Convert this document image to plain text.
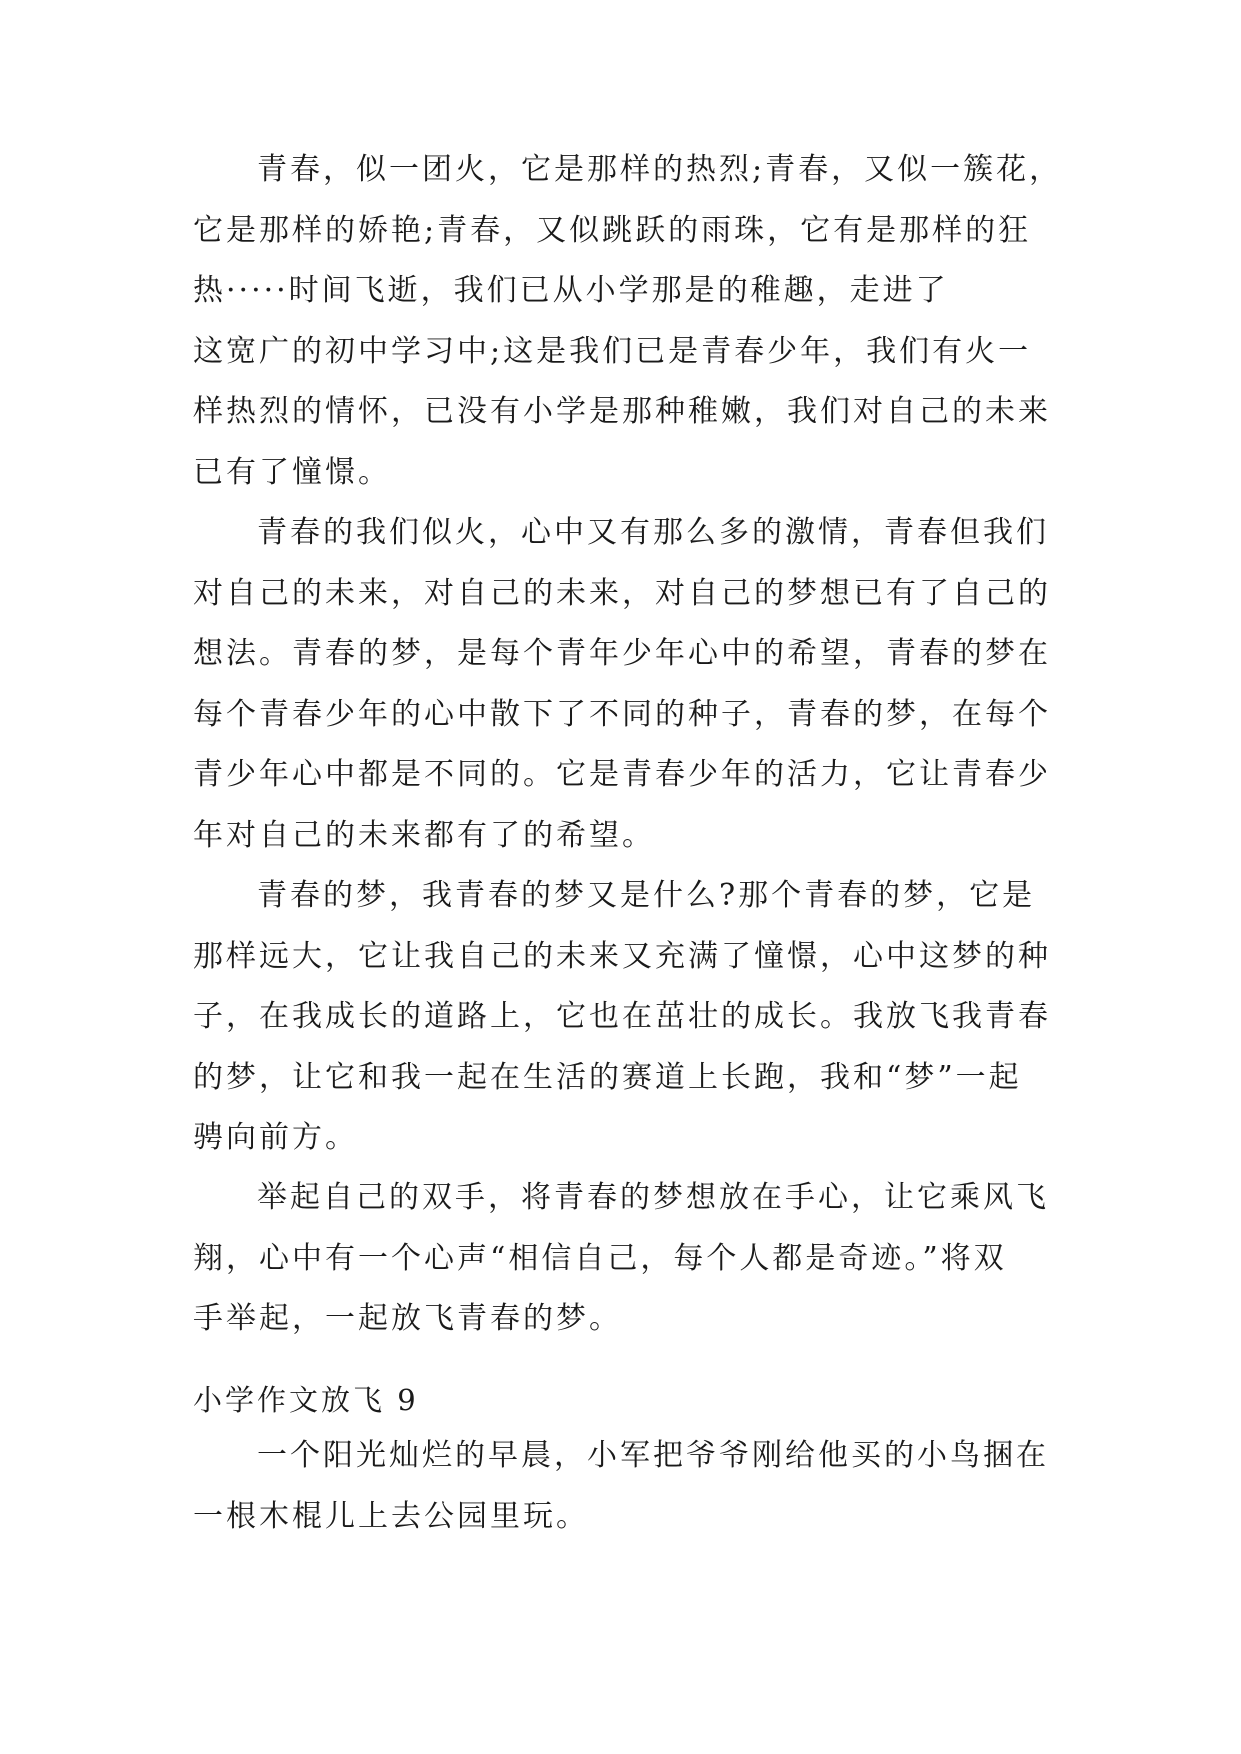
青春，似一团火，它是那样的热烈;青春，又似一簇花，
它是那样的娇艳;青春，又似跳跃的雨珠，它有是那样的狂
热·····时间飞逝，我们已从小学那是的稚趣，走进了
这宽广的初中学习中;这是我们已是青春少年，我们有火一
样热烈的情怀，已没有小学是那种稚嫩，我们对自己的未来
已有了憧憬。

青春的我们似火，心中又有那么多的激情，青春但我们
对自己的未来，对自己的未来，对自己的梦想已有了自己的
想法。青春的梦，是每个青年少年心中的希望，青春的梦在
每个青春少年的心中散下了不同的种子，青春的梦，在每个
青少年心中都是不同的。它是青春少年的活力，它让青春少
年对自己的未来都有了的希望。

青春的梦，我青春的梦又是什么?那个青春的梦，它是
那样远大，它让我自己的未来又充满了憧憬，心中这梦的种
子，在我成长的道路上，它也在茁壮的成长。我放飞我青春
的梦，让它和我一起在生活的赛道上长跑，我和“梦”一起
骋向前方。

举起自己的双手，将青春的梦想放在手心，让它乘风飞
翔，心中有一个心声“相信自己，每个人都是奇迹。”将双
手举起，一起放飞青春的梦。

小学作文放飞 9

一个阳光灿烂的早晨，小军把爷爷刚给他买的小鸟捆在
一根木棍儿上去公园里玩。
